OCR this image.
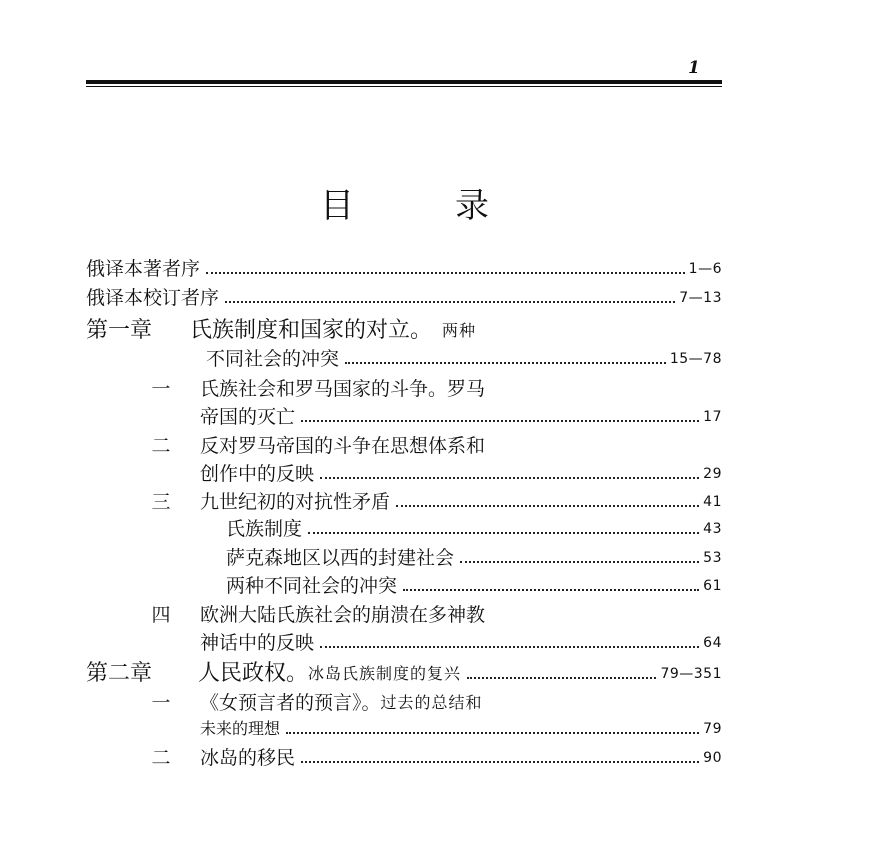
1
目	录
俄译本著者序	1—6
俄译本校订者序	7—13
第一章	氏族制度和国家的对立。 两种
不同社会的冲突	15—78
一 氏族社会和罗马国家的斗争。罗马
帝国的灭亡	17
二 反对罗马帝国的斗争在思想体系和
创作中的反映	29
三 九世纪初的对抗性矛盾	41
氏族制度	43
萨克森地区以西的封建社会	53
两种不同社会的冲突	61
四 欧洲大陆氏族社会的崩溃在多神教
神话中的反映	64
第二章	人民政权。 冰岛氏族制度的复兴	79—351
一 《女预言者的预言》。 过去的总结和
未来的理想	79
二 冰岛的移民	90
